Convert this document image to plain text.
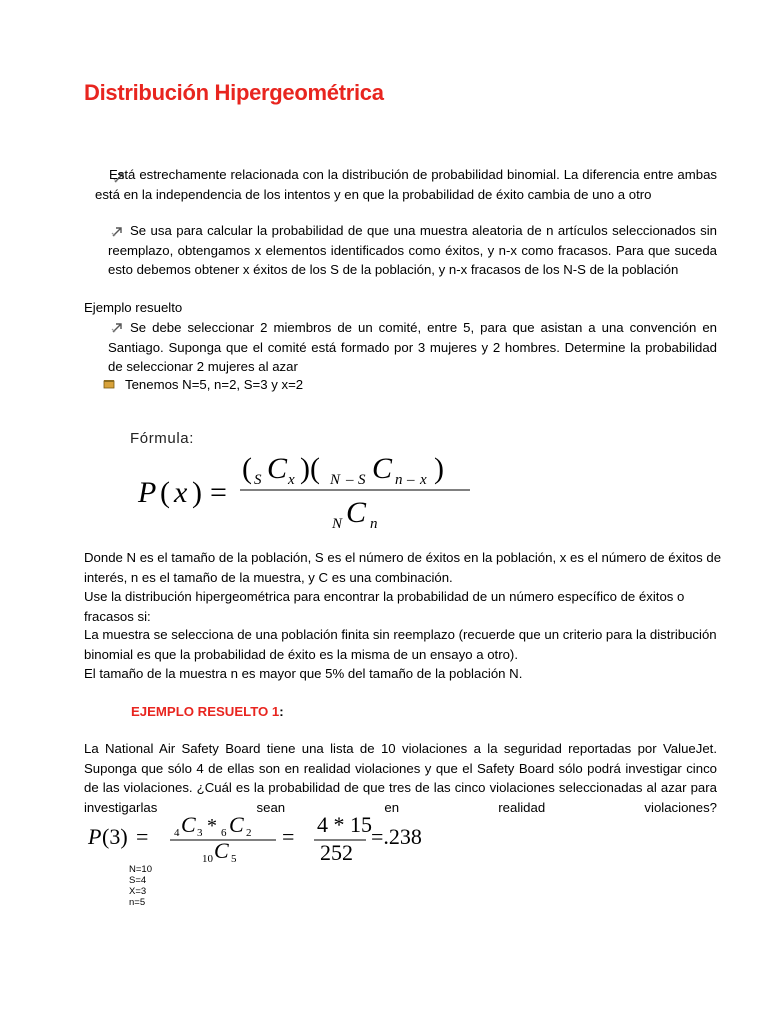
Distribución Hipergeométrica
Está estrechamente relacionada con la distribución de probabilidad binomial. La diferencia entre ambas está en la independencia de los intentos y en que la probabilidad de éxito cambia de uno a otro
Se usa para calcular la probabilidad de que una muestra aleatoria de n artículos seleccionados sin reemplazo, obtengamos x elementos identificados como éxitos, y n-x como fracasos. Para que suceda esto debemos obtener x éxitos de los S de la población, y n-x fracasos de los N-S de la población
Ejemplo resuelto
Se debe seleccionar 2 miembros de un comité, entre 5, para que asistan a una convención en Santiago. Suponga que el comité está formado por 3 mujeres y 2 hombres. Determine la probabilidad de seleccionar 2 mujeres al azar
Tenemos N=5, n=2, S=3 y x=2
Fórmula:
P ( x ) =
( S C x )( N – S C n – x )
N C n
Donde N es el tamaño de la población, S es el número de éxitos en la población, x es el número de éxitos de interés, n es el tamaño de la muestra, y C es una combinación.
Use la distribución hipergeométrica para encontrar la probabilidad de un número específico de éxitos o fracasos si:
La muestra se selecciona de una población finita sin reemplazo (recuerde que un criterio para la distribución binomial es que la probabilidad de éxito es la misma de un ensayo a otro).
El tamaño de la muestra n es mayor que 5% del tamaño de la población N.
EJEMPLO RESUELTO 1:
La National Air Safety Board tiene una lista de 10 violaciones a la seguridad reportadas por ValueJet. Suponga que sólo 4 de ellas son en realidad violaciones y que el Safety Board sólo podrá investigar cinco de las violaciones. ¿Cuál es la probabilidad de que tres de las cinco violaciones seleccionadas al azar para investigarlas sean en realidad violaciones?
P (3) = 4 C 3 * 6 C 2
10 C 5
= 4 * 15
252
=.238
N=10
S=4
X=3
n=5
